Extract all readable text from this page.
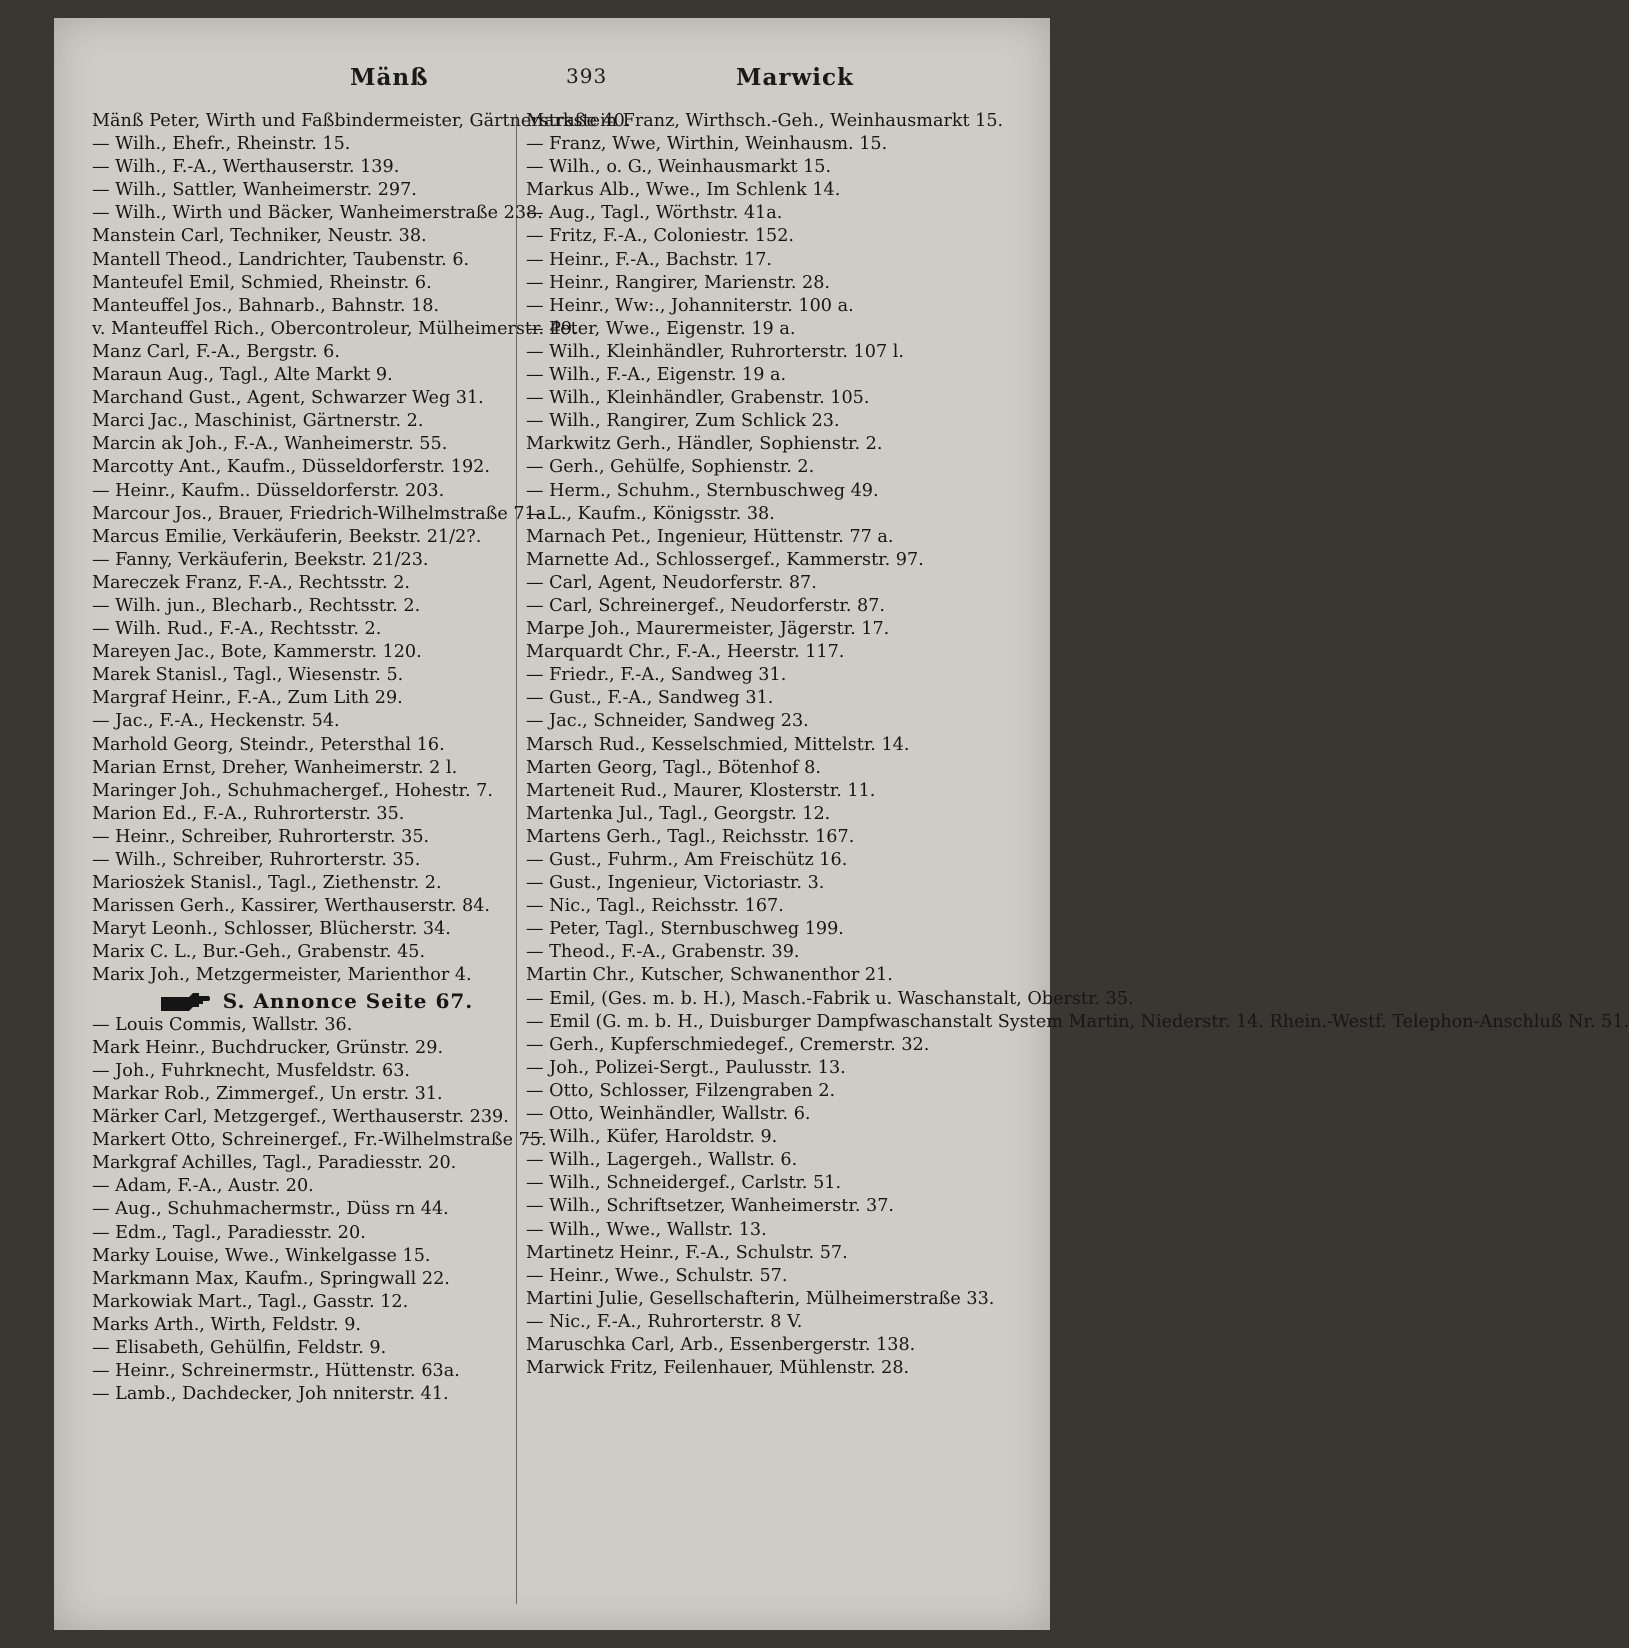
Mänß	393	Marwick
Mänß Peter, Wirth und Faßbindermeister, Gärtnerstraße 40.
— Wilh., Ehefr., Rheinstr. 15.
— Wilh., F.-A., Werthauserstr. 139.
— Wilh., Sattler, Wanheimerstr. 297.
— Wilh., Wirth und Bäcker, Wanheimerstraße 238.
Manstein Carl, Techniker, Neustr. 38.
Mantell Theod., Landrichter, Taubenstr. 6.
Manteufel Emil, Schmied, Rheinstr. 6.
Manteuffel Jos., Bahnarb., Bahnstr. 18.
v. Manteuffel Rich., Obercontroleur, Mülheimerstr. 49.
Manz Carl, F.-A., Bergstr. 6.
Maraun Aug., Tagl., Alte Markt 9.
Marchand Gust., Agent, Schwarzer Weg 31.
Marci Jac., Maschinist, Gärtnerstr. 2.
Marcin ak Joh., F.-A., Wanheimerstr. 55.
Marcotty Ant., Kaufm., Düsseldorferstr. 192.
— Heinr., Kaufm.. Düsseldorferstr. 203.
Marcour Jos., Brauer, Friedrich-Wilhelmstraße 71a.
Marcus Emilie, Verkäuferin, Beekstr. 21/2?.
— Fanny, Verkäuferin, Beekstr. 21/23.
Mareczek Franz, F.-A., Rechtsstr. 2.
— Wilh. jun., Blecharb., Rechtsstr. 2.
— Wilh. Rud., F.-A., Rechtsstr. 2.
Mareyen Jac., Bote, Kammerstr. 120.
Marek Stanisl., Tagl., Wiesenstr. 5.
Margraf Heinr., F.-A., Zum Lith 29.
— Jac., F.-A., Heckenstr. 54.
Marhold Georg, Steindr., Petersthal 16.
Marian Ernst, Dreher, Wanheimerstr. 2 l.
Maringer Joh., Schuhmachergef., Hohestr. 7.
Marion Ed., F.-A., Ruhrorterstr. 35.
— Heinr., Schreiber, Ruhrorterstr. 35.
— Wilh., Schreiber, Ruhrorterstr. 35.
Mariosżek Stanisl., Tagl., Ziethenstr. 2.
Marissen Gerh., Kassirer, Werthauserstr. 84.
Maryt Leonh., Schlosser, Blücherstr. 34.
Marix C. L., Bur.-Geh., Grabenstr. 45.
Marix Joh., Metzgermeister, Marienthor 4.
S. Annonce Seite 67.
— Louis Commis, Wallstr. 36.
Mark Heinr., Buchdrucker, Grünstr. 29.
— Joh., Fuhrknecht, Musfeldstr. 63.
Markar Rob., Zimmergef., Un erstr. 31.
Märker Carl, Metzgergef., Werthauserstr. 239.
Markert Otto, Schreinergef., Fr.-Wilhelmstraße 75.
Markgraf Achilles, Tagl., Paradiesstr. 20.
— Adam, F.-A., Austr. 20.
— Aug., Schuhmachermstr., Düss rn 44.
— Edm., Tagl., Paradiesstr. 20.
Marky Louise, Wwe., Winkelgasse 15.
Markmann Max, Kaufm., Springwall 22.
Markowiak Mart., Tagl., Gasstr. 12.
Marks Arth., Wirth, Feldstr. 9.
— Elisabeth, Gehülfin, Feldstr. 9.
— Heinr., Schreinermstr., Hüttenstr. 63a.
— Lamb., Dachdecker, Joh nniterstr. 41.
Markstein Franz, Wirthsch.-Geh., Weinhausmarkt 15.
— Franz, Wwe, Wirthin, Weinhausm. 15.
— Wilh., o. G., Weinhausmarkt 15.
Markus Alb., Wwe., Im Schlenk 14.
— Aug., Tagl., Wörthstr. 41a.
— Fritz, F.-A., Coloniestr. 152.
— Heinr., F.-A., Bachstr. 17.
— Heinr., Rangirer, Marienstr. 28.
— Heinr., Ww:., Johanniterstr. 100 a.
— Peter, Wwe., Eigenstr. 19 a.
— Wilh., Kleinhändler, Ruhrorterstr. 107 l.
— Wilh., F.-A., Eigenstr. 19 a.
— Wilh., Kleinhändler, Grabenstr. 105.
— Wilh., Rangirer, Zum Schlick 23.
Markwitz Gerh., Händler, Sophienstr. 2.
— Gerh., Gehülfe, Sophienstr. 2.
— Herm., Schuhm., Sternbuschweg 49.
— L., Kaufm., Königsstr. 38.
Marnach Pet., Ingenieur, Hüttenstr. 77 a.
Marnette Ad., Schlossergef., Kammerstr. 97.
— Carl, Agent, Neudorferstr. 87.
— Carl, Schreinergef., Neudorferstr. 87.
Marpe Joh., Maurermeister, Jägerstr. 17.
Marquardt Chr., F.-A., Heerstr. 117.
— Friedr., F.-A., Sandweg 31.
— Gust., F.-A., Sandweg 31.
— Jac., Schneider, Sandweg 23.
Marsch Rud., Kesselschmied, Mittelstr. 14.
Marten Georg, Tagl., Bötenhof 8.
Marteneit Rud., Maurer, Klosterstr. 11.
Martenka Jul., Tagl., Georgstr. 12.
Martens Gerh., Tagl., Reichsstr. 167.
— Gust., Fuhrm., Am Freischütz 16.
— Gust., Ingenieur, Victoriastr. 3.
— Nic., Tagl., Reichsstr. 167.
— Peter, Tagl., Sternbuschweg 199.
— Theod., F.-A., Grabenstr. 39.
Martin Chr., Kutscher, Schwanenthor 21.
— Emil, (Ges. m. b. H.), Masch.-Fabrik u. Waschanstalt, Oberstr. 35.
— Emil (G. m. b. H., Duisburger Dampfwaschanstalt System Martin, Niederstr. 14. Rhein.-Westf. Telephon-Anschluß Nr. 51.
— Gerh., Kupferschmiedegef., Cremerstr. 32.
— Joh., Polizei-Sergt., Paulusstr. 13.
— Otto, Schlosser, Filzengraben 2.
— Otto, Weinhändler, Wallstr. 6.
— Wilh., Küfer, Haroldstr. 9.
— Wilh., Lagergeh., Wallstr. 6.
— Wilh., Schneidergef., Carlstr. 51.
— Wilh., Schriftsetzer, Wanheimerstr. 37.
— Wilh., Wwe., Wallstr. 13.
Martinetz Heinr., F.-A., Schulstr. 57.
— Heinr., Wwe., Schulstr. 57.
Martini Julie, Gesellschafterin, Mülheimerstraße 33.
— Nic., F.-A., Ruhrorterstr. 8 V.
Maruschka Carl, Arb., Essenbergerstr. 138.
Marwick Fritz, Feilenhauer, Mühlenstr. 28.
